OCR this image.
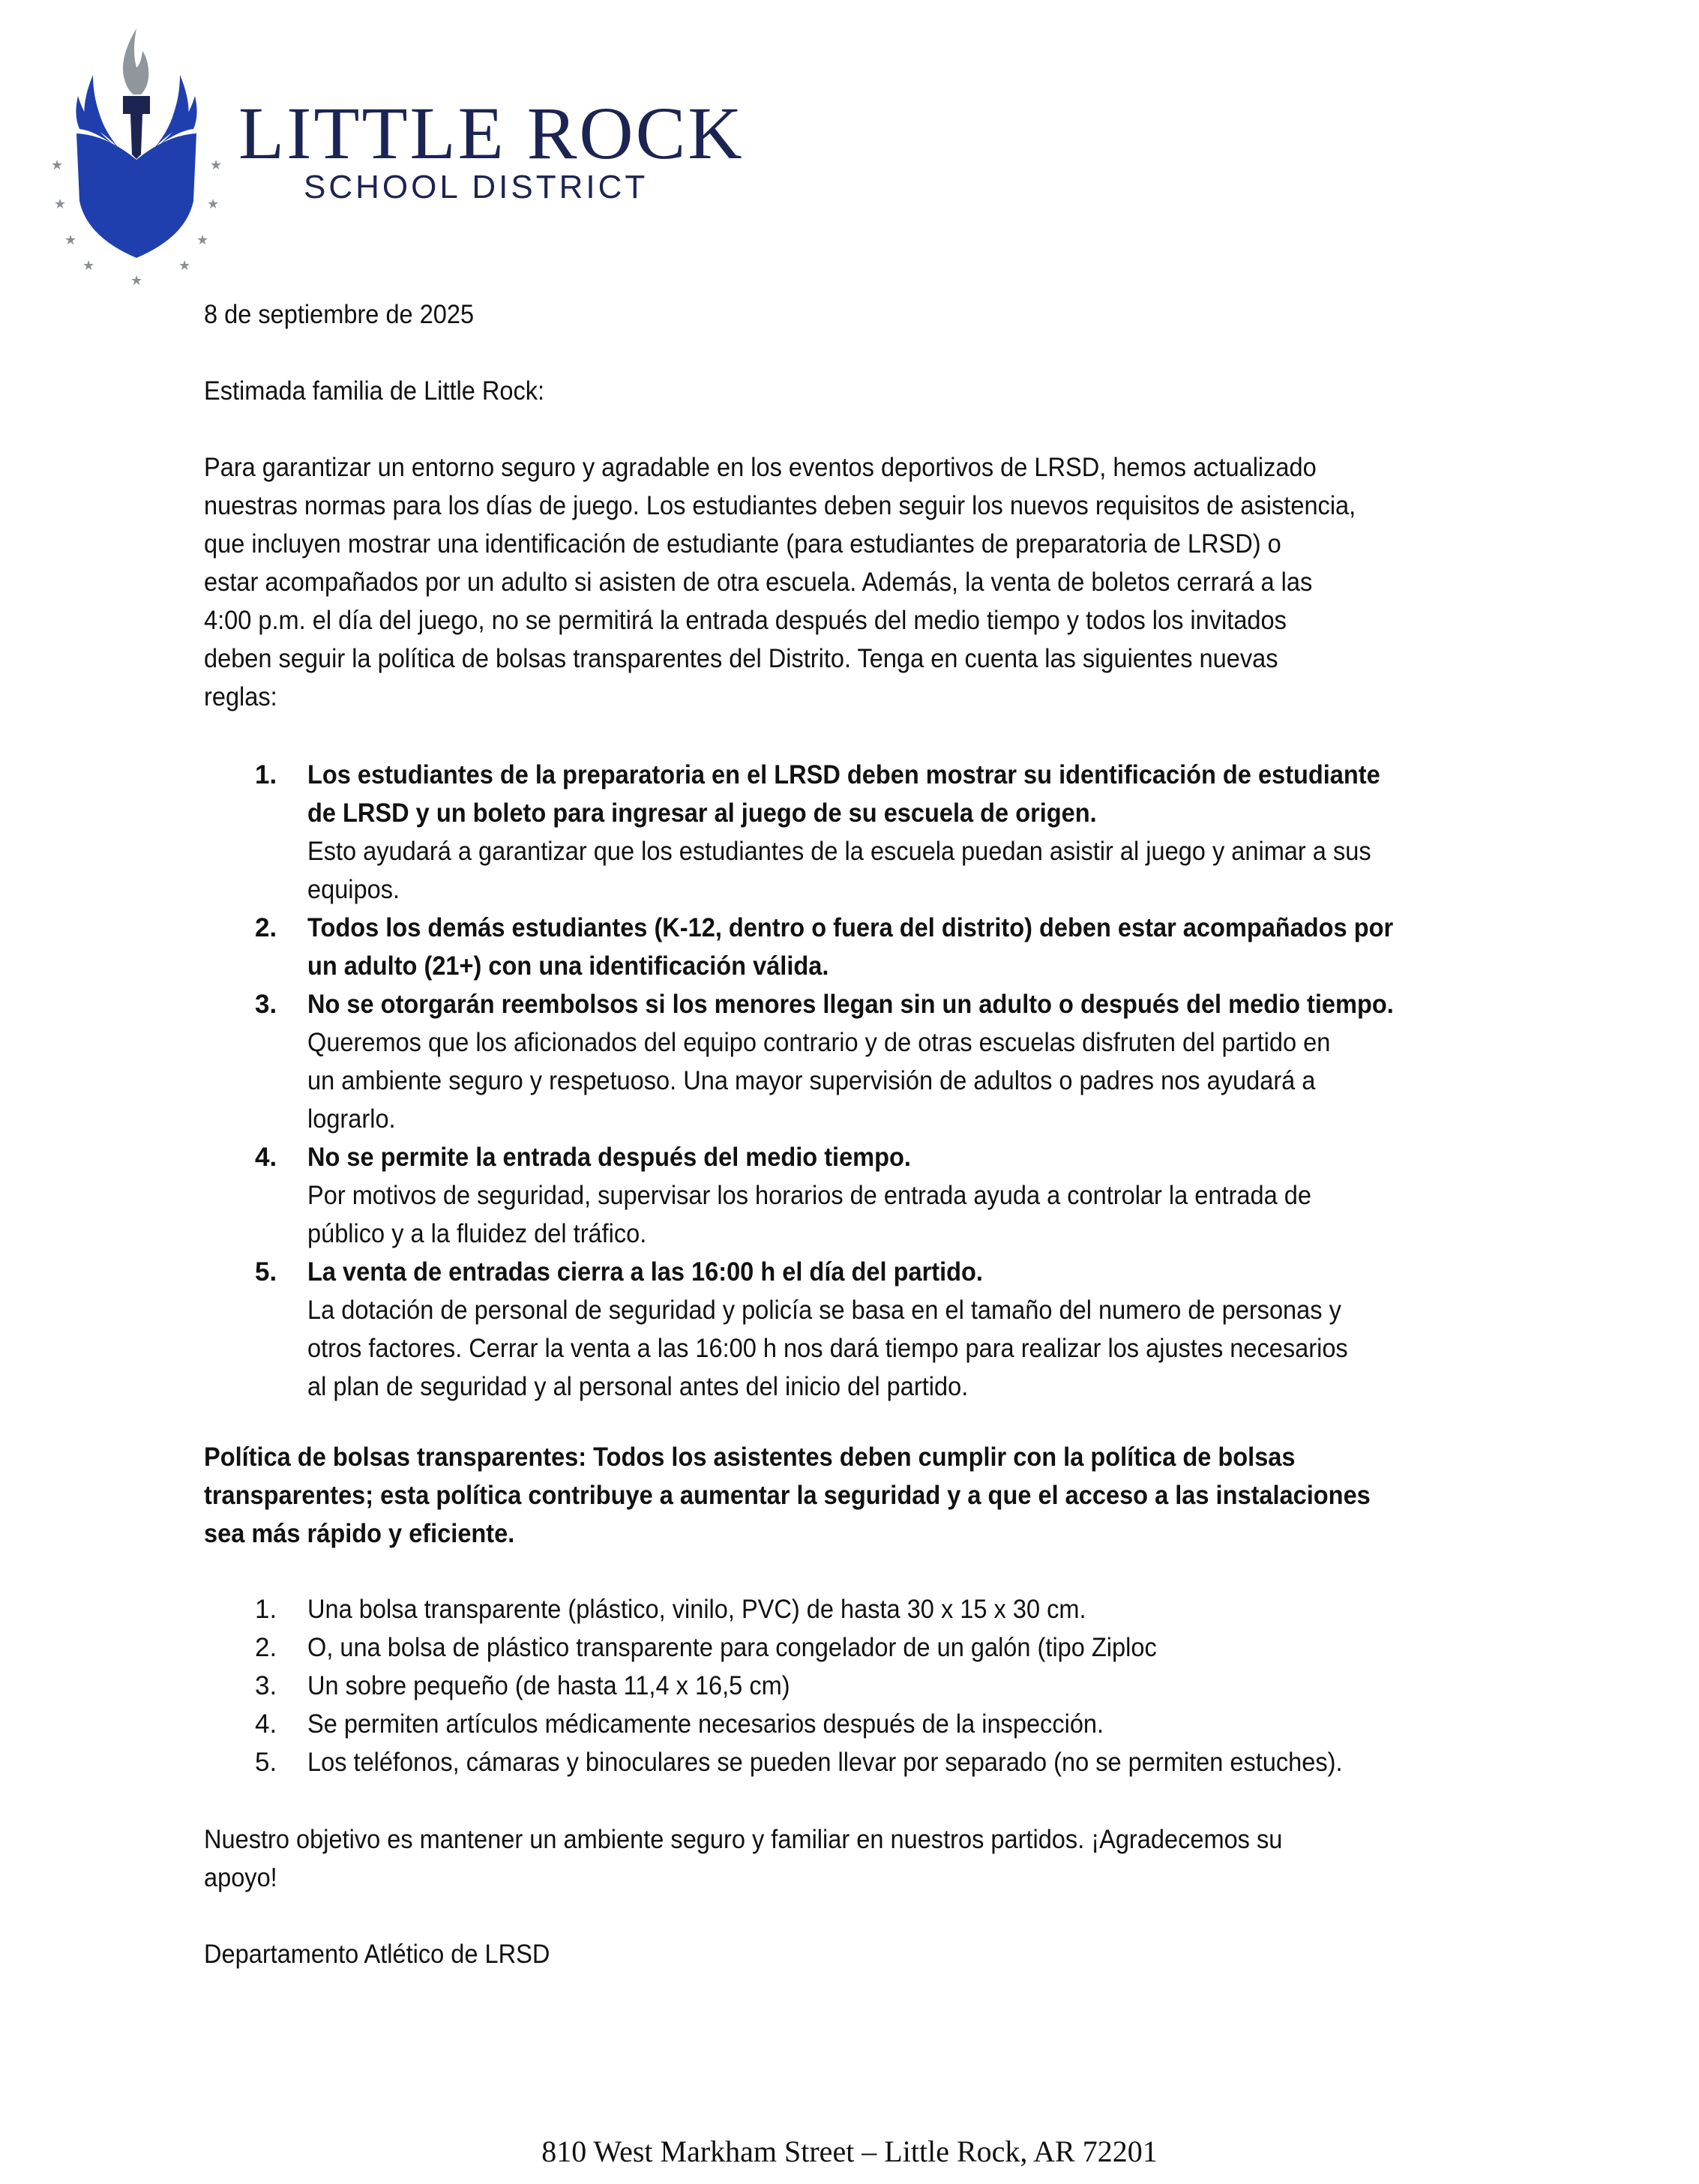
★	★
★	★
★	★
★	★
★
LITTLE ROCK
SCHOOL DISTRICT
8 de septiembre de 2025
Estimada familia de Little Rock:
Para garantizar un entorno seguro y agradable en los eventos deportivos de LRSD, hemos actualizado
nuestras normas para los días de juego. Los estudiantes deben seguir los nuevos requisitos de asistencia,
que incluyen mostrar una identificación de estudiante (para estudiantes de preparatoria de LRSD) o
estar acompañados por un adulto si asisten de otra escuela. Además, la venta de boletos cerrará a las
4:00 p.m. el día del juego, no se permitirá la entrada después del medio tiempo y todos los invitados
deben seguir la política de bolsas transparentes del Distrito. Tenga en cuenta las siguientes nuevas
reglas:
1. Los estudiantes de la preparatoria en el LRSD deben mostrar su identificación de estudiante
de LRSD y un boleto para ingresar al juego de su escuela de origen.
Esto ayudará a garantizar que los estudiantes de la escuela puedan asistir al juego y animar a sus
equipos.
2. Todos los demás estudiantes (K-12, dentro o fuera del distrito) deben estar acompañados por
un adulto (21+) con una identificación válida.
3. No se otorgarán reembolsos si los menores llegan sin un adulto o después del medio tiempo.
Queremos que los aficionados del equipo contrario y de otras escuelas disfruten del partido en
un ambiente seguro y respetuoso. Una mayor supervisión de adultos o padres nos ayudará a
lograrlo.
4. No se permite la entrada después del medio tiempo.
Por motivos de seguridad, supervisar los horarios de entrada ayuda a controlar la entrada de
público y a la fluidez del tráfico.
5. La venta de entradas cierra a las 16:00 h el día del partido.
La dotación de personal de seguridad y policía se basa en el tamaño del numero de personas y
otros factores. Cerrar la venta a las 16:00 h nos dará tiempo para realizar los ajustes necesarios
al plan de seguridad y al personal antes del inicio del partido.
Política de bolsas transparentes: Todos los asistentes deben cumplir con la política de bolsas
transparentes; esta política contribuye a aumentar la seguridad y a que el acceso a las instalaciones
sea más rápido y eficiente.
1. Una bolsa transparente (plástico, vinilo, PVC) de hasta 30 x 15 x 30 cm.
2. O, una bolsa de plástico transparente para congelador de un galón (tipo Ziploc
3. Un sobre pequeño (de hasta 11,4 x 16,5 cm)
4. Se permiten artículos médicamente necesarios después de la inspección.
5. Los teléfonos, cámaras y binoculares se pueden llevar por separado (no se permiten estuches).
Nuestro objetivo es mantener un ambiente seguro y familiar en nuestros partidos. ¡Agradecemos su
apoyo!
Departamento Atlético de LRSD
810 West Markham Street – Little Rock, AR 72201
